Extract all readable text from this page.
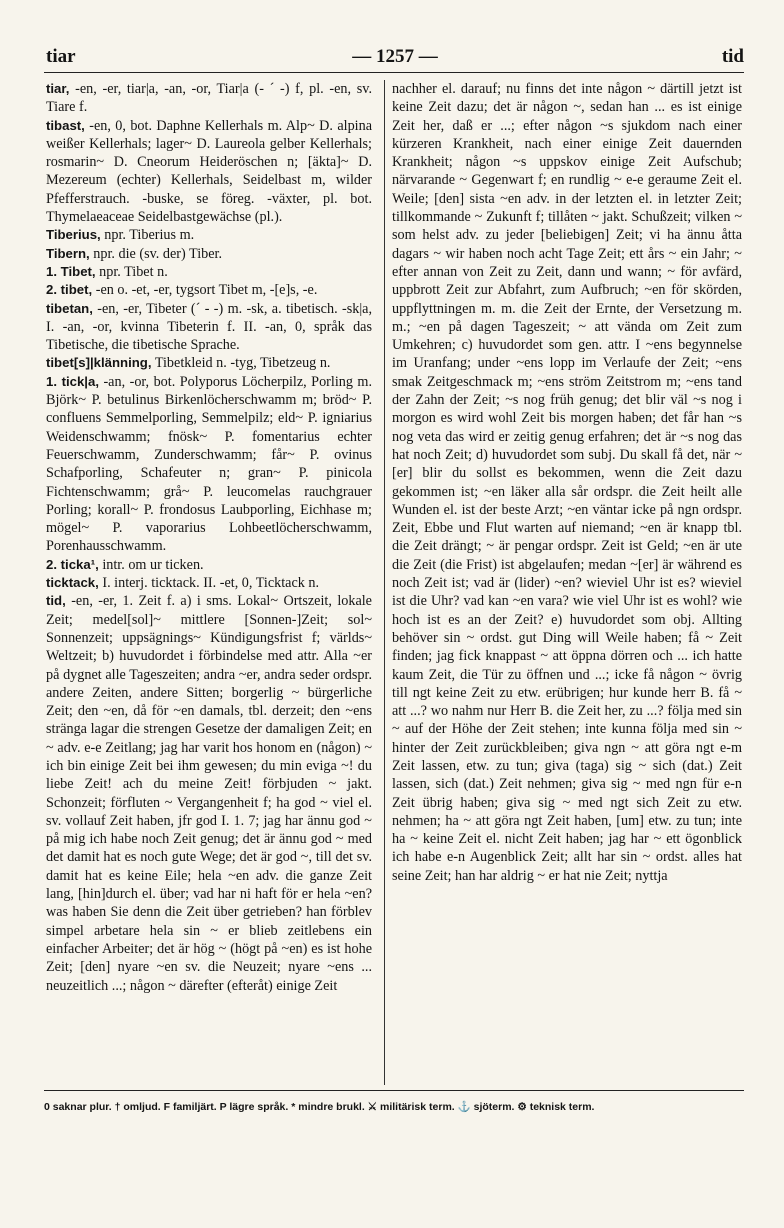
tiar	— 1257 —	tid

tiar, -en, -er, tiar|a, -an, -or, Tiar|a (- ´ -) f, pl. -en, sv. Tiare f.

tibast, -en, 0, bot. Daphne Kellerhals m. Alp~ D. alpina weißer Kellerhals; lager~ D. Laureola gelber Kellerhals; rosmarin~ D. Cneorum Heideröschen n; [äkta]~ D. Mezereum (echter) Kellerhals, Seidelbast m, wilder Pfefferstrauch. -buske, se föreg. -växter, pl. bot. Thymelaeaceae Seidelbastgewächse (pl.).

Tiberius, npr. Tiberius m.

Tibern, npr. die (sv. der) Tiber.

1. Tibet, npr. Tibet n.

2. tibet, -en o. -et, -er, tygsort Tibet m, -[e]s, -e.

tibetan, -en, -er, Tibeter (´ - -) m. -sk, a. tibetisch. -sk|a, I. -an, -or, kvinna Tibeterin f. II. -an, 0, språk das Tibetische, die tibetische Sprache.

tibet[s]|klänning, Tibetkleid n. -tyg, Tibetzeug n.

1. tick|a, -an, -or, bot. Polyporus Löcherpilz, Porling m. Björk~ P. betulinus Birkenlöcherschwamm m; bröd~ P. confluens Semmelporling, Semmelpilz; eld~ P. igniarius Weidenschwamm; fnösk~ P. fomentarius echter Feuerschwamm, Zunderschwamm; får~ P. ovinus Schafporling, Schafeuter n; gran~ P. pinicola Fichtenschwamm; grå~ P. leucomelas rauchgrauer Porling; korall~ P. frondosus Laubporling, Eichhase m; mögel~ P. vaporarius Lohbeetlöcherschwamm, Porenhausschwamm.

2. ticka¹, intr. om ur ticken.

ticktack, I. interj. ticktack. II. -et, 0, Ticktack n.

tid, -en, -er, 1. Zeit f. a) i sms. Lokal~ Ortszeit, lokale Zeit; medel[sol]~ mittlere [Sonnen-]Zeit; sol~ Sonnenzeit; uppsägnings~ Kündigungsfrist f; världs~ Weltzeit; b) huvudordet i förbindelse med attr. Alla ~er på dygnet alle Tageszeiten; andra ~er, andra seder ordspr. andere Zeiten, andere Sitten; borgerlig ~ bürgerliche Zeit; den ~en, då för ~en damals, tbl. derzeit; den ~ens stränga lagar die strengen Gesetze der damaligen Zeit; en ~ adv. e-e Zeitlang; jag har varit hos honom en (någon) ~ ich bin einige Zeit bei ihm gewesen; du min eviga ~! du liebe Zeit! ach du meine Zeit! förbjuden ~ jakt. Schonzeit; förfluten ~ Vergangenheit f; ha god ~ viel el. sv. vollauf Zeit haben, jfr god I. 1. 7; jag har ännu god ~ på mig ich habe noch Zeit genug; det är ännu god ~ med det damit hat es noch gute Wege; det är god ~, till det sv. damit hat es keine Eile; hela ~en adv. die ganze Zeit lang, [hin]durch el. über; vad har ni haft för er hela ~en? was haben Sie denn die Zeit über getrieben? han förblev simpel arbetare hela sin ~ er blieb zeitlebens ein einfacher Arbeiter; det är hög ~ (högt på ~en) es ist hohe Zeit; [den] nyare ~en sv. die Neuzeit; nyare ~ens ... neuzeitlich ...; någon ~ därefter (efteråt) einige Zeit

nachher el. darauf; nu finns det inte någon ~ därtill jetzt ist keine Zeit dazu; det är någon ~, sedan han ... es ist einige Zeit her, daß er ...; efter någon ~s sjukdom nach einer kürzeren Krankheit, nach einer einige Zeit dauernden Krankheit; någon ~s uppskov einige Zeit Aufschub; närvarande ~ Gegenwart f; en rundlig ~ e-e geraume Zeit el. Weile; [den] sista ~en adv. in der letzten el. in letzter Zeit; tillkommande ~ Zukunft f; tillåten ~ jakt. Schußzeit; vilken ~ som helst adv. zu jeder [beliebigen] Zeit; vi ha ännu åtta dagars ~ wir haben noch acht Tage Zeit; ett års ~ ein Jahr; ~ efter annan von Zeit zu Zeit, dann und wann; ~ för avfärd, uppbrott Zeit zur Abfahrt, zum Aufbruch; ~en för skörden, uppflyttningen m. m. die Zeit der Ernte, der Versetzung m. m.; ~en på dagen Tageszeit; ~ att vända om Zeit zum Umkehren; c) huvudordet som gen. attr. I ~ens begynnelse im Uranfang; under ~ens lopp im Verlaufe der Zeit; ~ens smak Zeitgeschmack m; ~ens ström Zeitstrom m; ~ens tand der Zahn der Zeit; ~s nog früh genug; det blir väl ~s nog i morgon es wird wohl Zeit bis morgen haben; det får han ~s nog veta das wird er zeitig genug erfahren; det är ~s nog das hat noch Zeit; d) huvudordet som subj. Du skall få det, när ~[er] blir du sollst es bekommen, wenn die Zeit dazu gekommen ist; ~en läker alla sår ordspr. die Zeit heilt alle Wunden el. ist der beste Arzt; ~en väntar icke på ngn ordspr. Zeit, Ebbe und Flut warten auf niemand; ~en är knapp tbl. die Zeit drängt; ~ är pengar ordspr. Zeit ist Geld; ~en är ute die Zeit (die Frist) ist abgelaufen; medan ~[er] är während es noch Zeit ist; vad är (lider) ~en? wieviel Uhr ist es? wieviel ist die Uhr? vad kan ~en vara? wie viel Uhr ist es wohl? wie hoch ist es an der Zeit? e) huvudordet som obj. Allting behöver sin ~ ordst. gut Ding will Weile haben; få ~ Zeit finden; jag fick knappast ~ att öppna dörren och ... ich hatte kaum Zeit, die Tür zu öffnen und ...; icke få någon ~ övrig till ngt keine Zeit zu etw. erübrigen; hur kunde herr B. få ~ att ...? wo nahm nur Herr B. die Zeit her, zu ...? följa med sin ~ auf der Höhe der Zeit stehen; inte kunna följa med sin ~ hinter der Zeit zurückbleiben; giva ngn ~ att göra ngt e-m Zeit lassen, etw. zu tun; giva (taga) sig ~ sich (dat.) Zeit lassen, sich (dat.) Zeit nehmen; giva sig ~ med ngn für e-n Zeit übrig haben; giva sig ~ med ngt sich Zeit zu etw. nehmen; ha ~ att göra ngt Zeit haben, [um] etw. zu tun; inte ha ~ keine Zeit el. nicht Zeit haben; jag har ~ ett ögonblick ich habe e-n Augenblick Zeit; allt har sin ~ ordst. alles hat seine Zeit; han har aldrig ~ er hat nie Zeit; nyttja

0 saknar plur. † omljud. F familjärt. P lägre språk. * mindre brukl. ⚔ militärisk term. ⚓ sjöterm. ⚙ teknisk term.
